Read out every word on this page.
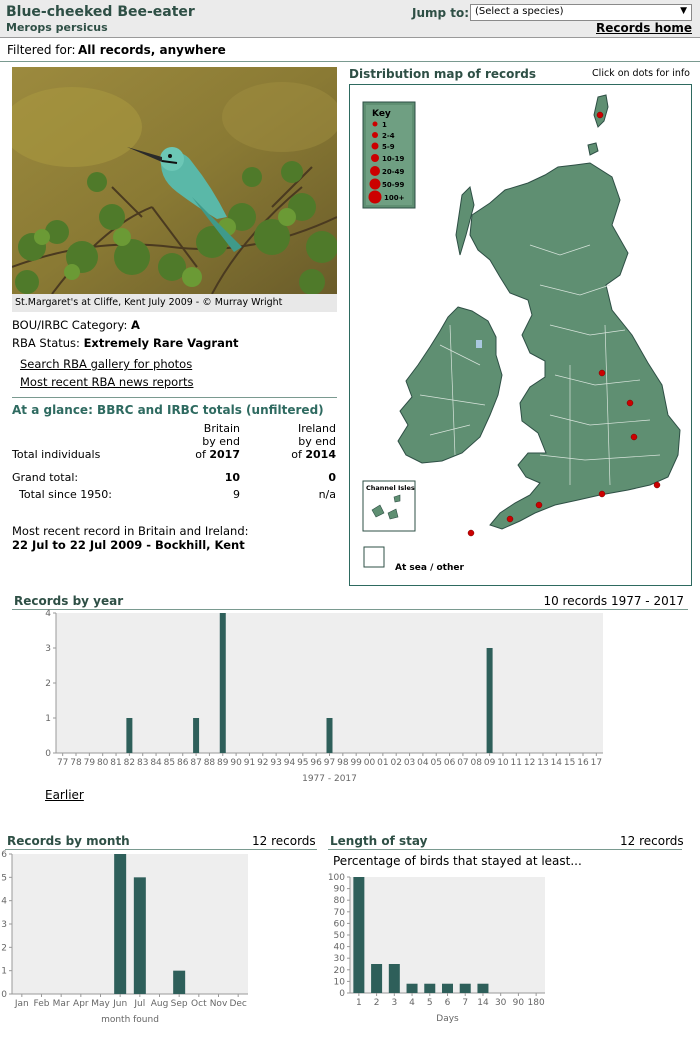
Blue-cheeked Bee-eater
Merops persicus
Jump to: (Select a species)	▼
Records home
Filtered for: All records, anywhere
St.Margaret's at Cliffe, Kent July 2009 - © Murray Wright
BOU/IRBC Category: A
RBA Status: Extremely Rare Vagrant
Search RBA gallery for photos
Most recent RBA news reports
At a glance: BBRC and IRBC totals (unfiltered)
Britain
by end
of 2017
Ireland
by end
of 2014
Total individuals
Grand total:	10	0
Total since 1950:	9	n/a
Most recent record in Britain and Ireland:
22 Jul to 22 Jul 2009 - Bockhill, Kent
Distribution map of records	Click on dots for info
Key
1
2-4
5-9
10-19
20-49
50-99
100+
Channel Isles
At sea / other
Records by year	10 records 1977 - 2017
0
1
2
3
4
77 78 79 80 81 82 83 84 85 86 87 88 89 90 91 92 93 94 95 96 97 98 99 00 01 02 03 04 05 06 07 08 09 10 11 12 13 14 15 16 17
1977 - 2017
Earlier
Records by month	12 records
0
1
2
3
4
5
6
Jan Feb Mar Apr May Jun Jul Aug Sep Oct Nov Dec
month found
Length of stay	12 records
Percentage of birds that stayed at least...
0
10
20
30
40
50
60
70
80
90
100
1 2 3 4 5 6 7 14 30 90 180
Days
